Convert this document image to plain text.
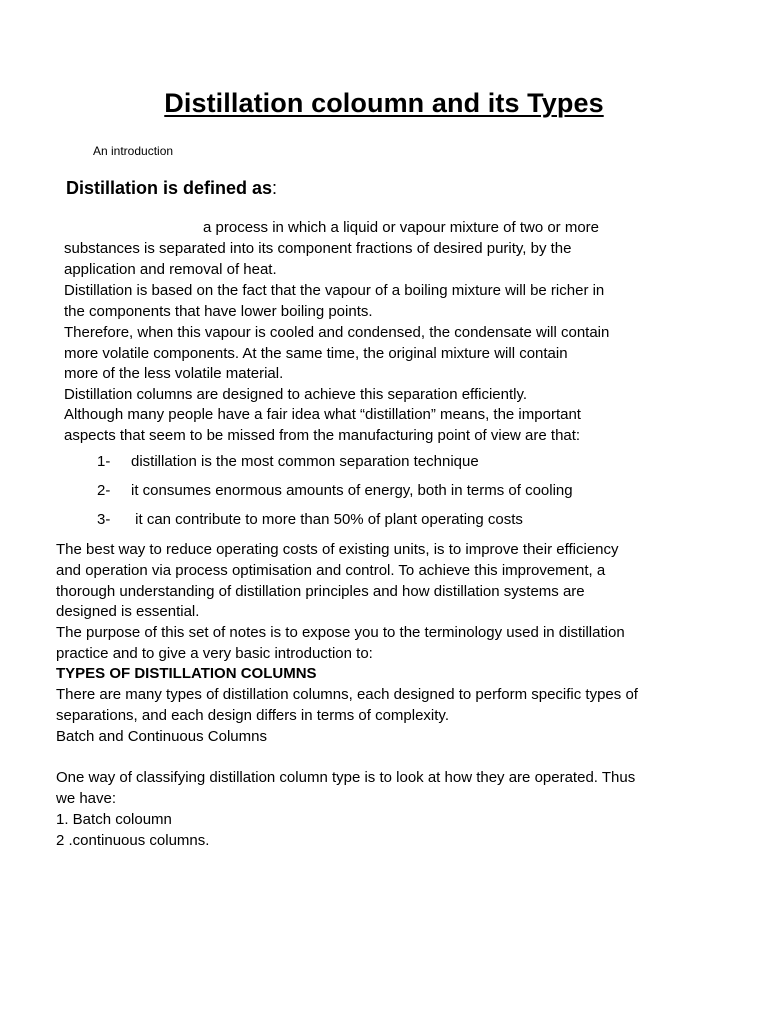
Distillation coloumn and its Types
An introduction
Distillation is defined as:
a process in which a liquid or vapour mixture of two or more
substances is separated into its component fractions of desired purity, by the
application and removal of heat.
Distillation is based on the fact that the vapour of a boiling mixture will be richer in
the components that have lower boiling points.
Therefore, when this vapour is cooled and condensed, the condensate will contain
more volatile components. At the same time, the original mixture will contain
more of the less volatile material.
Distillation columns are designed to achieve this separation efficiently.
Although many people have a fair idea what “distillation” means, the important
aspects that seem to be missed from the manufacturing point of view are that:
1- distillation is the most common separation technique
2- it consumes enormous amounts of energy, both in terms of cooling
3- it can contribute to more than 50% of plant operating costs
The best way to reduce operating costs of existing units, is to improve their efficiency
and operation via process optimisation and control. To achieve this improvement, a
thorough understanding of distillation principles and how distillation systems are
designed is essential.
The purpose of this set of notes is to expose you to the terminology used in distillation
practice and to give a very basic introduction to:
TYPES OF DISTILLATION COLUMNS
There are many types of distillation columns, each designed to perform specific types of
separations, and each design differs in terms of complexity.
Batch and Continuous Columns
One way of classifying distillation column type is to look at how they are operated. Thus
we have:
1. Batch coloumn
2 .continuous columns.
